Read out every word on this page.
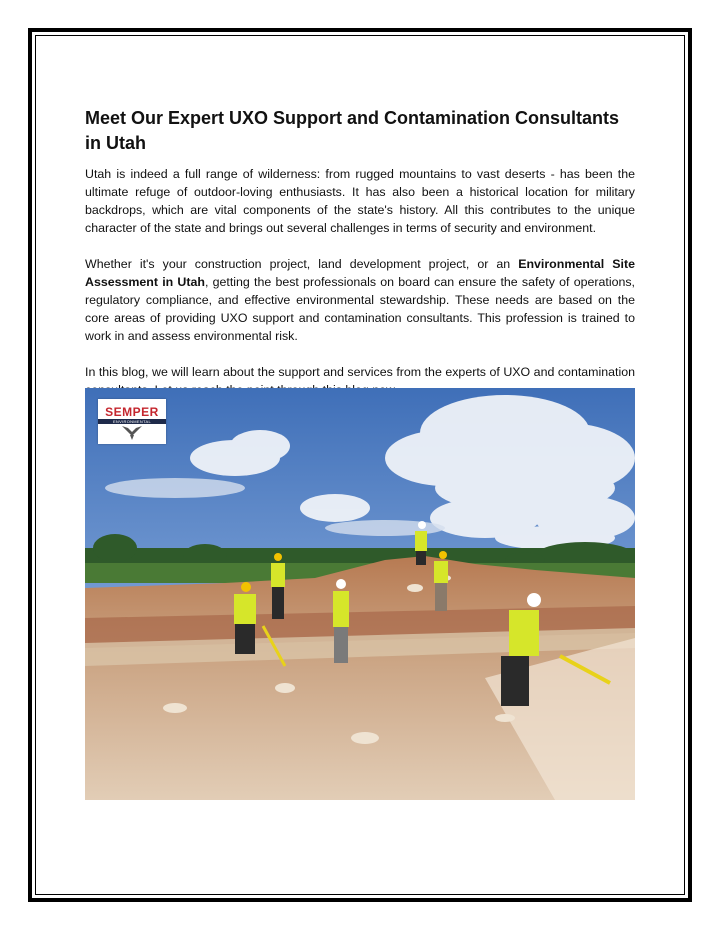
Meet Our Expert UXO Support and Contamination Consultants in Utah

Utah is indeed a full range of wilderness: from rugged mountains to vast deserts - has been the ultimate refuge of outdoor-loving enthusiasts. It has also been a historical location for military backdrops, which are vital components of the state's history. All this contributes to the unique character of the state and brings out several challenges in terms of security and environment.

Whether it's your construction project, land development project, or an Environmental Site Assessment in Utah, getting the best professionals on board can ensure the safety of operations, regulatory compliance, and effective environmental stewardship. These needs are based on the core areas of providing UXO support and contamination consultants. This profession is trained to work in and assess environmental risk.

In this blog, we will learn about the support and services from the experts of UXO and contamination

SEMPER
ENVIRONMENTAL
